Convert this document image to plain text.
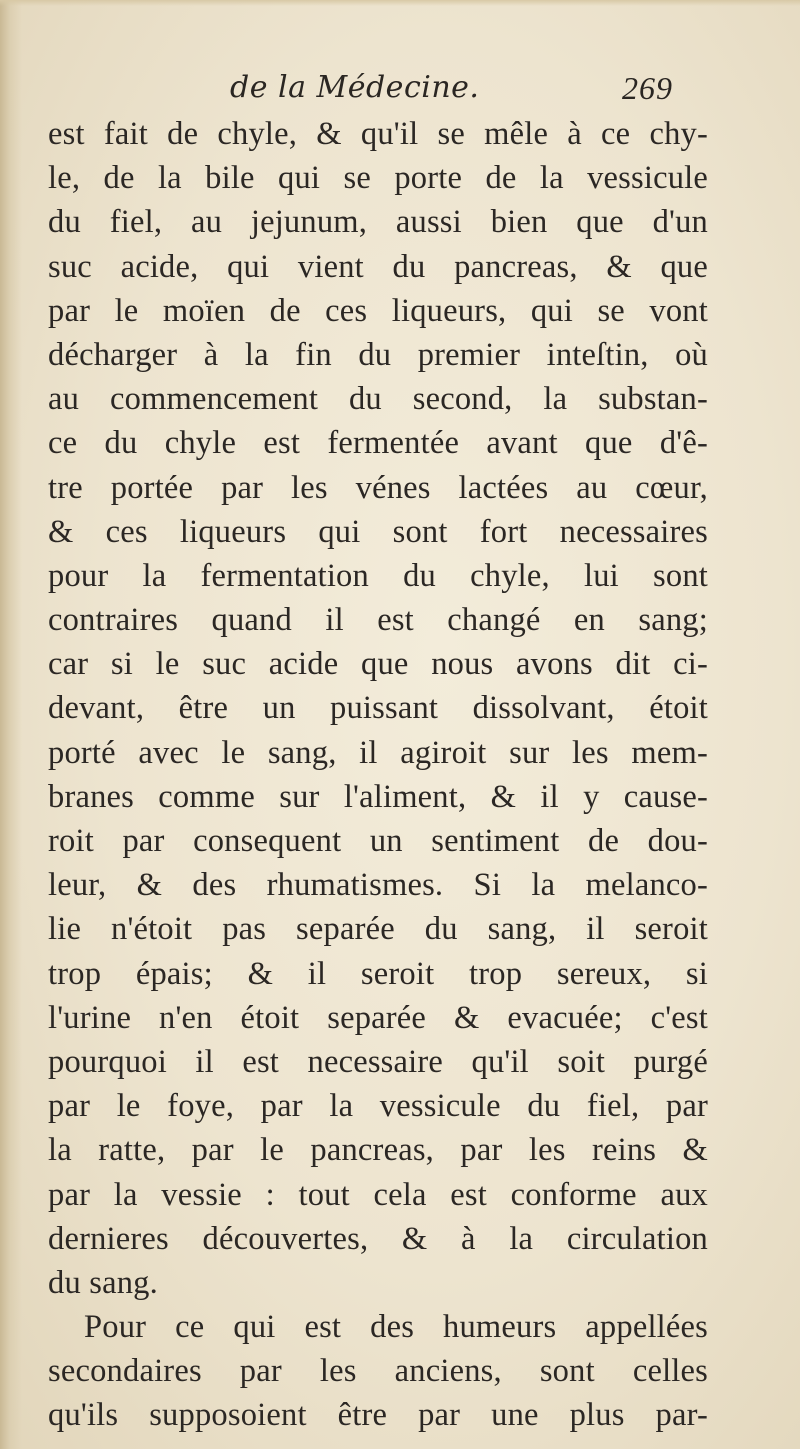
de la Médecine.	269
est fait de chyle, & qu'il se mêle à ce chy-
le, de la bile qui se porte de la vessicule
du fiel, au jejunum, aussi bien que d'un
suc acide, qui vient du pancreas, & que
par le moïen de ces liqueurs, qui se vont
décharger à la fin du premier inteſtin, où
au commencement du second, la substan-
ce du chyle est fermentée avant que d'ê-
tre portée par les vénes lactées au cœur,
& ces liqueurs qui sont fort necessaires
pour la fermentation du chyle, lui sont
contraires quand il est changé en sang;
car si le suc acide que nous avons dit ci-
devant, être un puissant dissolvant, étoit
porté avec le sang, il agiroit sur les mem-
branes comme sur l'aliment, & il y cause-
roit par consequent un sentiment de dou-
leur, & des rhumatismes. Si la melanco-
lie n'étoit pas separée du sang, il seroit
trop épais; & il seroit trop sereux, si
l'urine n'en étoit separée & evacuée; c'est
pourquoi il est necessaire qu'il soit purgé
par le foye, par la vessicule du fiel, par
la ratte, par le pancreas, par les reins &
par la vessie : tout cela est conforme aux
dernieres découvertes, & à la circulation
du sang.
Pour ce qui est des humeurs appellées
secondaires par les anciens, sont celles
qu'ils supposoient être par une plus par-
